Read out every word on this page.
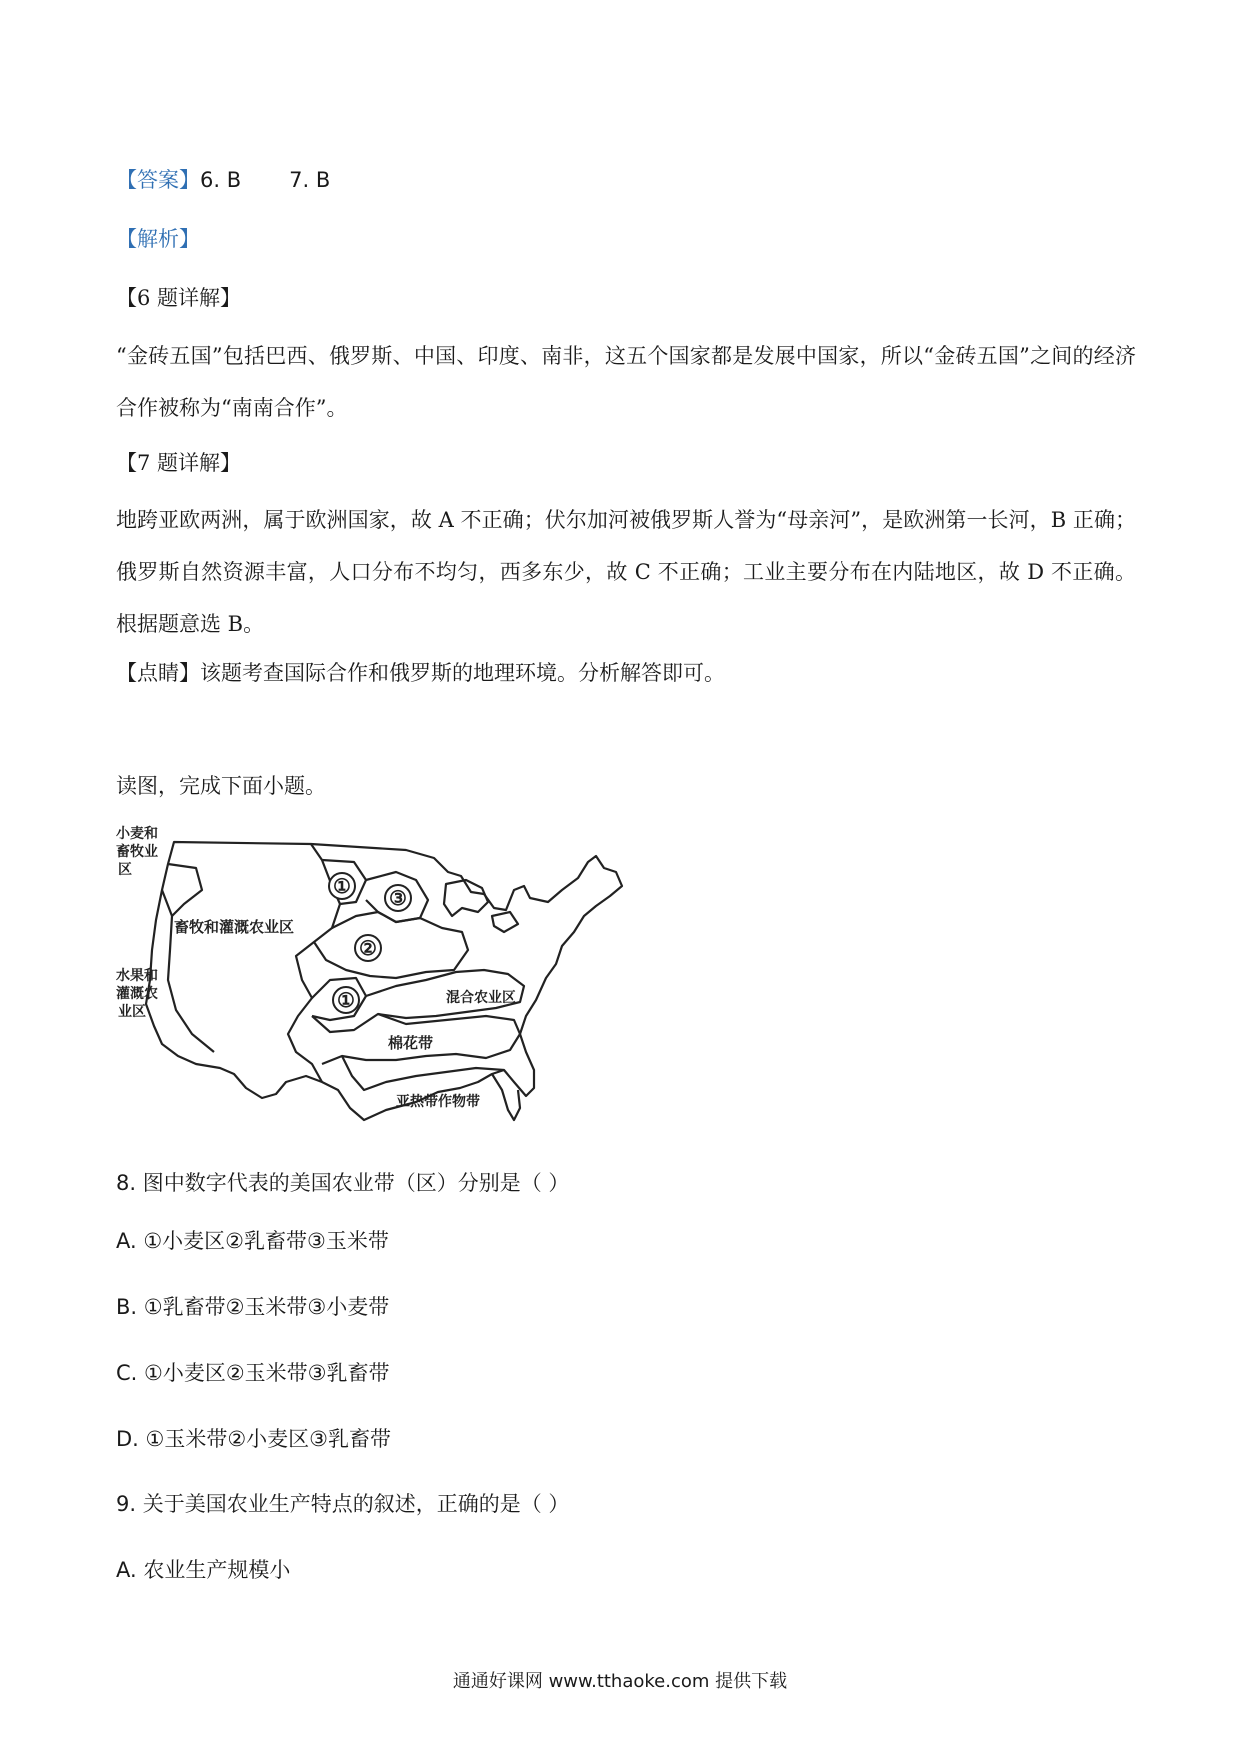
【答案】6. B 7. B
【解析】
【6 题详解】
“金砖五国”包括巴西、俄罗斯、中国、印度、南非，这五个国家都是发展中国家，所以“金砖五国”之间的经济合作被称为“南南合作”。
【7 题详解】
地跨亚欧两洲，属于欧洲国家，故 A 不正确；伏尔加河被俄罗斯人誉为“母亲河”，是欧洲第一长河，B 正确；俄罗斯自然资源丰富，人口分布不均匀，西多东少，故 C 不正确；工业主要分布在内陆地区，故 D 不正确。根据题意选 B。
【点睛】该题考查国际合作和俄罗斯的地理环境。分析解答即可。
读图，完成下面小题。
①
②
③
①
小麦和
畜牧业
区
畜牧和灌溉农业区
水果和
灌溉农
业区
混合农业区
棉花带
亚热带作物带
8. 图中数字代表的美国农业带（区）分别是（ ）
A. ①小麦区②乳畜带③玉米带
B. ①乳畜带②玉米带③小麦带
C. ①小麦区②玉米带③乳畜带
D. ①玉米带②小麦区③乳畜带
9. 关于美国农业生产特点的叙述，正确的是（ ）
A. 农业生产规模小
通通好课网 www.tthaoke.com 提供下载
